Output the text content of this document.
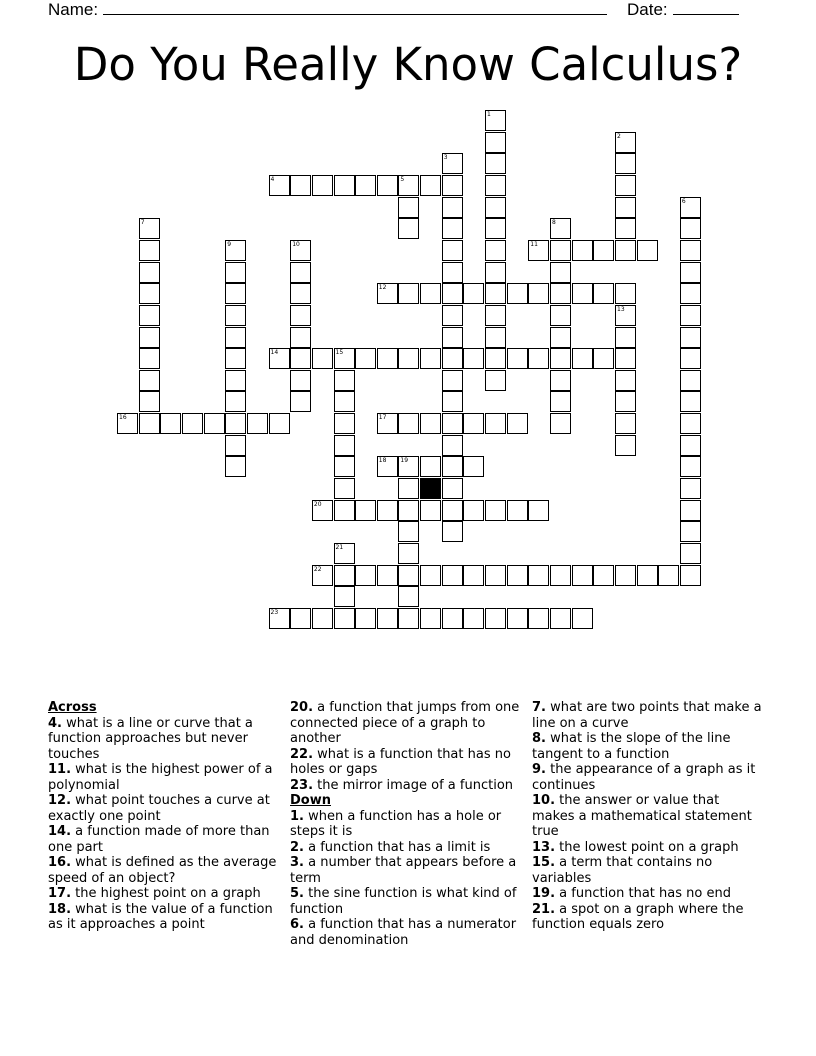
Name:	Date:
Do You Really Know Calculus?
4	5
11
12
14	15
16	17
18 19
20
22
23
1
2
3
6
7	8
9	10
13
21
Across

4. what is a line or curve that a function approaches but never touches

11. what is the highest power of a polynomial

12. what point touches a curve at exactly one point

14. a function made of more than one part

16. what is defined as the average speed of an object?

17. the highest point on a graph

18. what is the value of a function as it approaches a point

20. a function that jumps from one connected piece of a graph to another

22. what is a function that has no holes or gaps

23. the mirror image of a function

Down

1. when a function has a hole or steps it is

2. a function that has a limit is

3. a number that appears before a term

5. the sine function is what kind of function

6. a function that has a numerator and denomination

7. what are two points that make a line on a curve

8. what is the slope of the line tangent to a function

9. the appearance of a graph as it continues

10. the answer or value that makes a mathematical statement true

13. the lowest point on a graph

15. a term that contains no variables

19. a function that has no end

21. a spot on a graph where the function equals zero
